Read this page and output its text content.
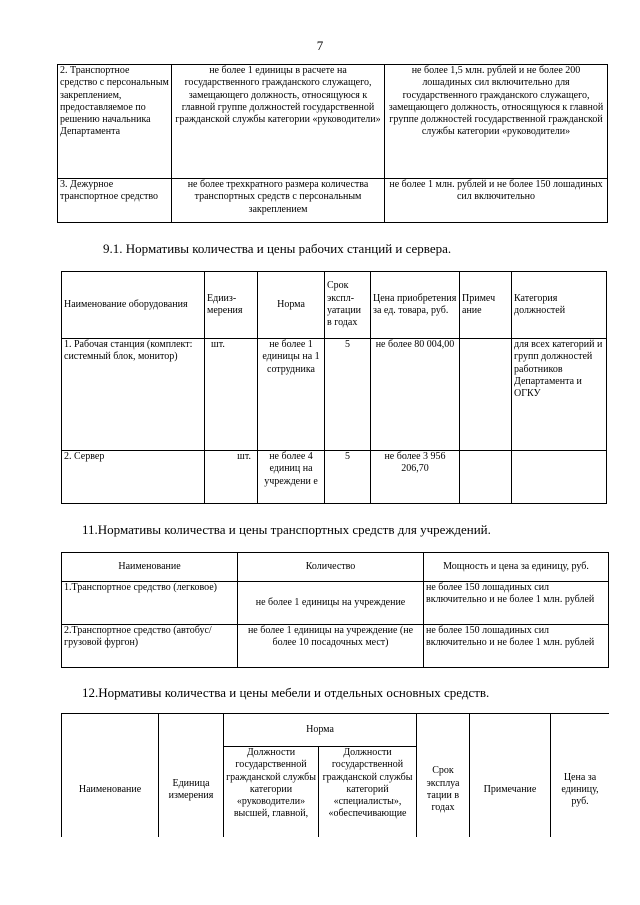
7
2. Транспортное средство с персональным закреплением, предоставляемое по решению начальника Департамента	не более 1 единицы в расчете на государственного гражданского служащего, замещающего должность, относящуюся к главной группе должностей государственной гражданской службы категории «руководители»	не более 1,5 млн. рублей и не более 200 лошадиных сил включительно для государственного гражданского служащего, замещающего должность, относящуюся к главной группе должностей государственной гражданской службы категории «руководители»
3. Дежурное транспортное средство	не более трехкратного размера количества транспортных средств с персональным закреплением	не более 1 млн. рублей и не более 150 лошадиных сил включительно
9.1. Нормативы количества и цены рабочих станций и сервера.
Наименование оборудования	Едиизмерения	Норма	Срок эксплуатации в годах	Цена приобретения за ед. товара, руб.	Примеч ание	Категория должностей
1. Рабочая станция (комплект: системный блок, монитор)	шт.	не более 1 единицы на 1 сотрудника	5	не более 80 004,00		для всех категорий и групп должностей работников Департамента и ОГКУ
2. Сервер	шт.	не более 4 единиц на учреждени е	5	не более 3 956 206,70		
11.Нормативы количества и цены транспортных средств для учреждений.
Наименование	Количество	Мощность и цена за единицу, руб.
1.Транспортное средство (легковое)	не более 1 единицы на учреждение	не более 150 лошадиных сил включительно и не более 1 млн. рублей
2.Транспортное средство (автобус/грузовой фургон)	не более 1 единицы на учреждение (не более 10 посадочных мест)	не более 150 лошадиных сил включительно и не более 1 млн. рублей
12.Нормативы количества и цены мебели и отдельных основных средств.
Наименование	Единица измерения	Норма		Срок эксплуа тации в годах	Примечание	Цена за единицу, руб.
		Должности государственной гражданской службы категории «руководители» высшей, главной,	Должности государственной гражданской службы категорий «специалисты», «обеспечивающие			
